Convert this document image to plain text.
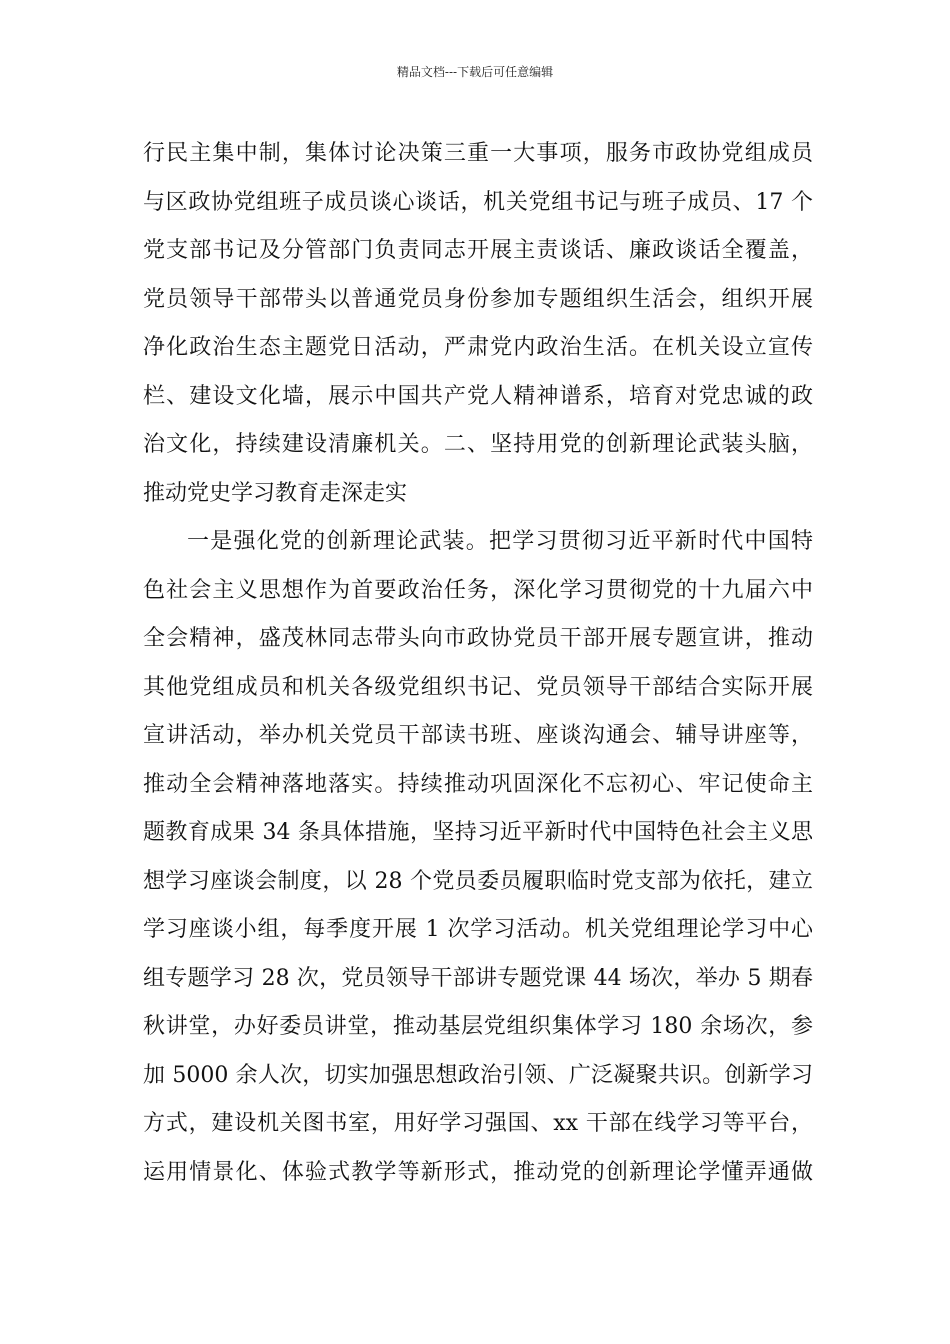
精品文档---下载后可任意编辑
行民主集中制，集体讨论决策三重一大事项，服务市政协党组成员
与区政协党组班子成员谈心谈话，机关党组书记与班子成员、17 个
党支部书记及分管部门负责同志开展主责谈话、廉政谈话全覆盖，
党员领导干部带头以普通党员身份参加专题组织生活会，组织开展
净化政治生态主题党日活动，严肃党内政治生活。在机关设立宣传
栏、建设文化墙，展示中国共产党人精神谱系，培育对党忠诚的政
治文化，持续建设清廉机关。二、坚持用党的创新理论武装头脑，
推动党史学习教育走深走实
一是强化党的创新理论武装。把学习贯彻习近平新时代中国特
色社会主义思想作为首要政治任务，深化学习贯彻党的十九届六中
全会精神，盛茂林同志带头向市政协党员干部开展专题宣讲，推动
其他党组成员和机关各级党组织书记、党员领导干部结合实际开展
宣讲活动，举办机关党员干部读书班、座谈沟通会、辅导讲座等，
推动全会精神落地落实。持续推动巩固深化不忘初心、牢记使命主
题教育成果 34 条具体措施，坚持习近平新时代中国特色社会主义思
想学习座谈会制度，以 28 个党员委员履职临时党支部为依托，建立
学习座谈小组，每季度开展 1 次学习活动。机关党组理论学习中心
组专题学习 28 次，党员领导干部讲专题党课 44 场次，举办 5 期春
秋讲堂，办好委员讲堂，推动基层党组织集体学习 180 余场次，参
加 5000 余人次，切实加强思想政治引领、广泛凝聚共识。创新学习
方式，建设机关图书室，用好学习强国、xx 干部在线学习等平台，
运用情景化、体验式教学等新形式，推动党的创新理论学懂弄通做
